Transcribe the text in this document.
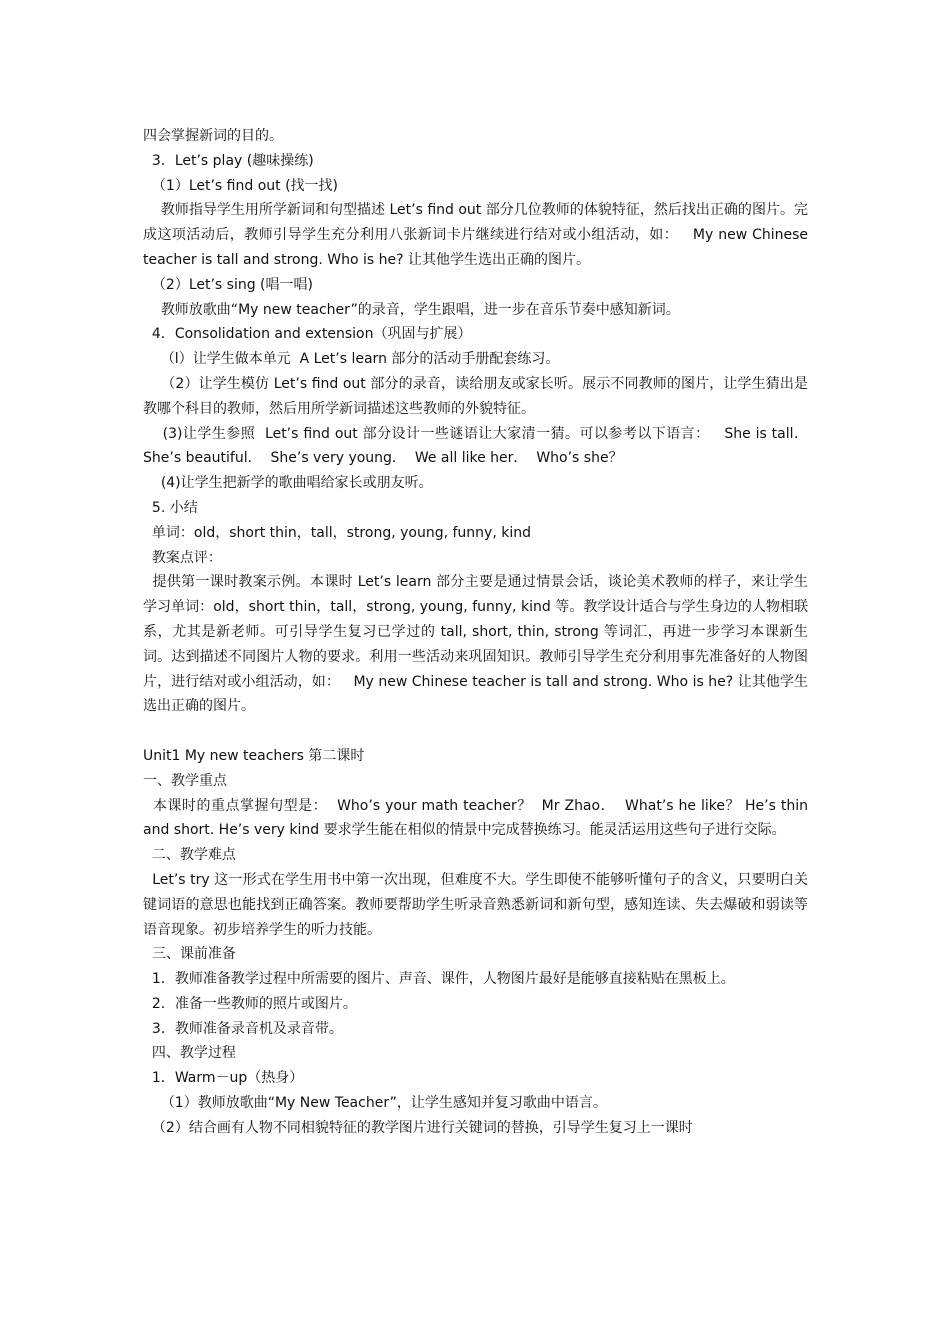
四会掌握新词的目的。

3．Let’s play (趣味操练)

（1）Let’s find out (找一找)

教师指导学生用所学新词和句型描述 Let’s find out 部分几位教师的体貌特征，然后找出正确的图片。完成这项活动后，教师引导学生充分利用八张新词卡片继续进行结对或小组活动，如：   My new Chinese teacher is tall and strong. Who is he? 让其他学生选出正确的图片。

（2）Let’s sing (唱一唱)

教师放歌曲“My new teacher”的录音，学生跟唱，进一步在音乐节奏中感知新词。

4．Consolidation and extension（巩固与扩展）

（l）让学生做本单元  A Let’s learn 部分的活动手册配套练习。

（2）让学生模仿 Let’s find out 部分的录音，读给朋友或家长听。展示不同教师的图片，让学生猜出是教哪个科目的教师，然后用所学新词描述这些教师的外貌特征。

(3)让学生参照  Let’s find out 部分设计一些谜语让大家清一猜。可以参考以下语言：   She is tall．  She’s beautiful．  She’s very young．  We all like her．  Who’s she？

(4)让学生把新学的歌曲唱给家长或朋友听。

5. 小结

单词：old，short thin，tall，strong, young, funny, kind

教案点评：

提供第一课时教案示例。本课时 Let’s learn 部分主要是通过情景会话，谈论美术教师的样子，来让学生学习单词：old，short thin，tall，strong, young, funny, kind 等。教学设计适合与学生身边的人物相联系，尤其是新老师。可引导学生复习已学过的 tall, short, thin, strong 等词汇，再进一步学习本课新生词。达到描述不同图片人物的要求。利用一些活动来巩固知识。教师引导学生充分利用事先准备好的人物图片，进行结对或小组活动，如：   My new Chinese teacher is tall and strong. Who is he? 让其他学生选出正确的图片。

Unit1 My new teachers 第二课时

一、教学重点

本课时的重点掌握句型是：  Who’s your math teacher？  Mr Zhao．  What’s he like？ He’s thin and short. He’s very kind 要求学生能在相似的情景中完成替换练习。能灵活运用这些句子进行交际。

二、教学难点

Let’s try 这一形式在学生用书中第一次出现，但难度不大。学生即使不能够听懂句子的含义，只要明白关键词语的意思也能找到正确答案。教师要帮助学生听录音熟悉新词和新句型，感知连读、失去爆破和弱读等语音现象。初步培养学生的听力技能。

三、课前准备

1．教师准备教学过程中所需要的图片、声音、课件，人物图片最好是能够直接粘贴在黑板上。

2．准备一些教师的照片或图片。

3．教师准备录音机及录音带。

四、教学过程

1．Warm－up（热身）

（1）教师放歌曲“My New Teacher”，让学生感知并复习歌曲中语言。

（2）结合画有人物不同相貌特征的教学图片进行关键词的替换，引导学生复习上一课时
